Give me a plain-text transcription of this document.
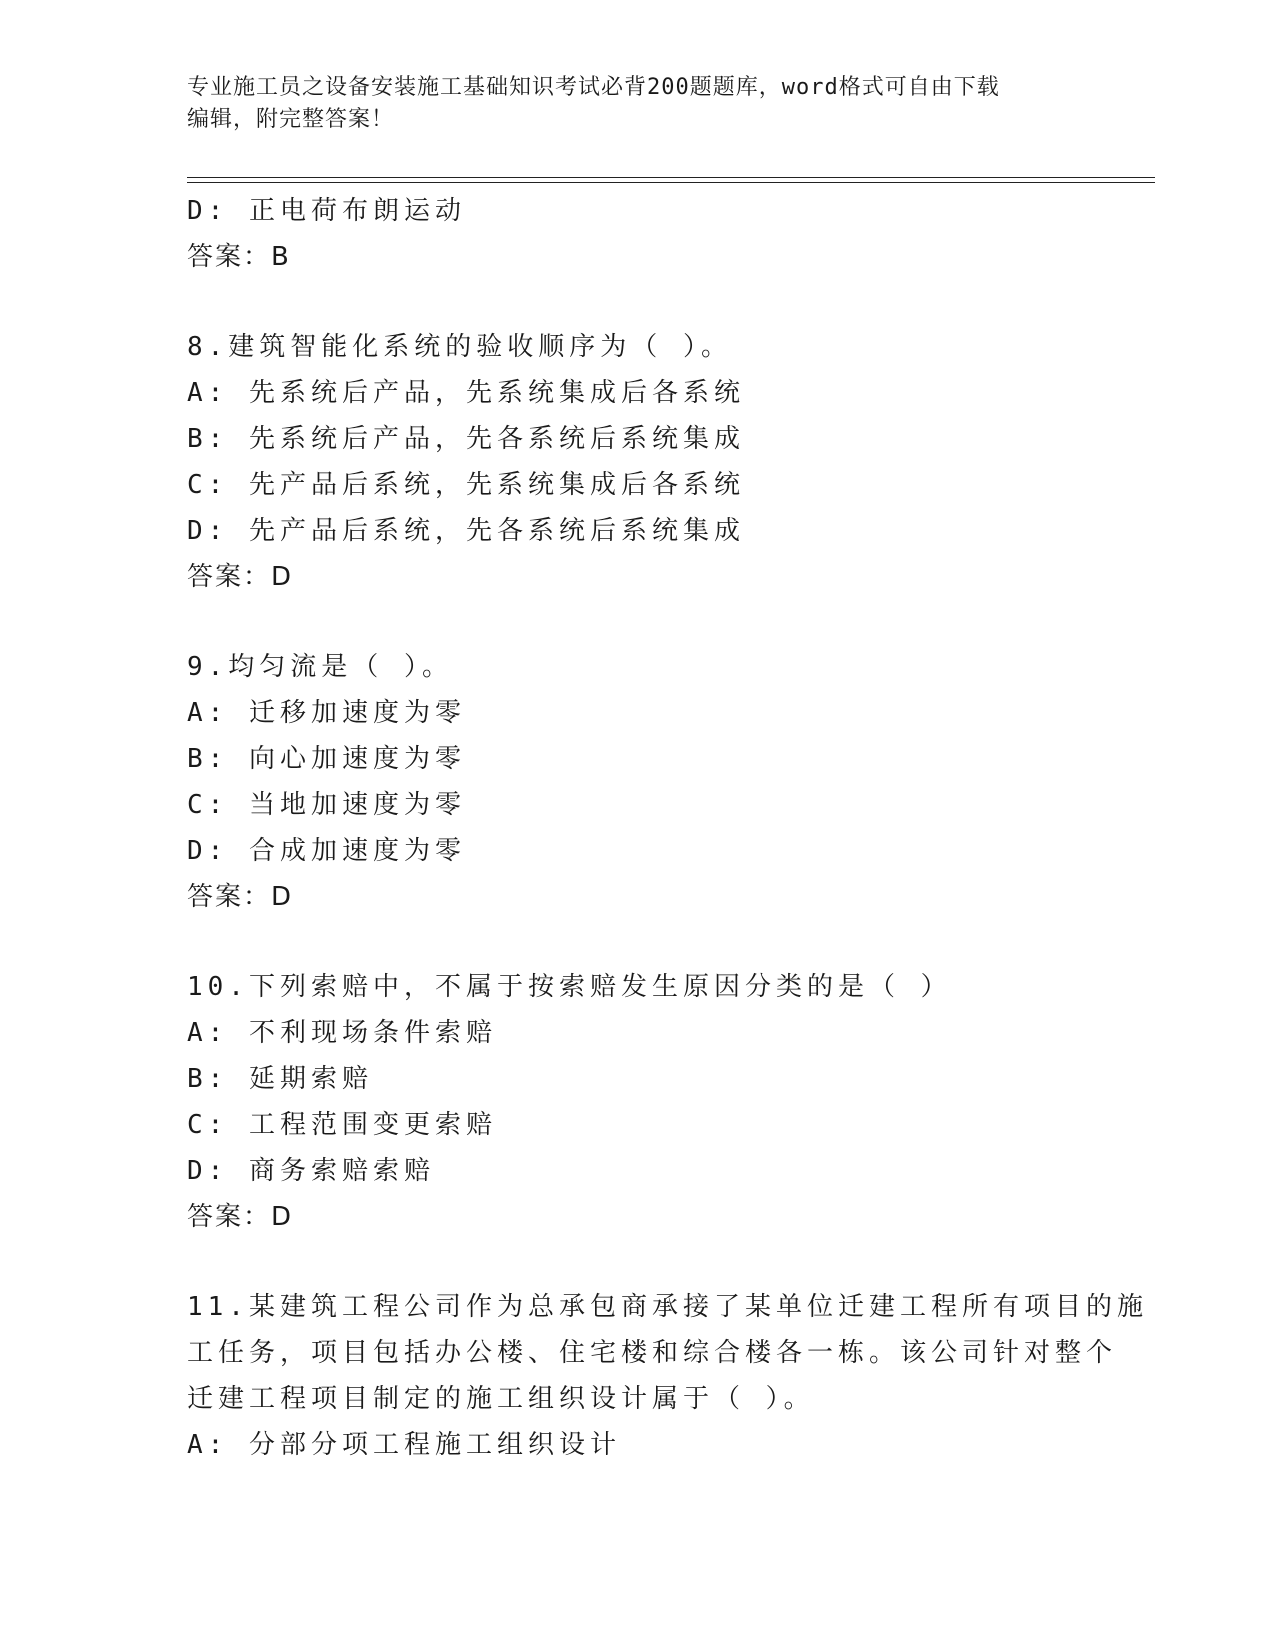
专业施工员之设备安装施工基础知识考试必背200题题库，word格式可自由下载
编辑，附完整答案！
D: 正电荷布朗运动
答案：B
8.建筑智能化系统的验收顺序为（ ）。
A: 先系统后产品，先系统集成后各系统
B: 先系统后产品，先各系统后系统集成
C: 先产品后系统，先系统集成后各系统
D: 先产品后系统，先各系统后系统集成
答案：D
9.均匀流是（ ）。
A: 迁移加速度为零
B: 向心加速度为零
C: 当地加速度为零
D: 合成加速度为零
答案：D
10.下列索赔中，不属于按索赔发生原因分类的是（ ）
A: 不利现场条件索赔
B: 延期索赔
C: 工程范围变更索赔
D: 商务索赔索赔
答案：D
11.某建筑工程公司作为总承包商承接了某单位迁建工程所有项目的施
工任务，项目包括办公楼、住宅楼和综合楼各一栋。该公司针对整个
迁建工程项目制定的施工组织设计属于（ ）。
A: 分部分项工程施工组织设计
